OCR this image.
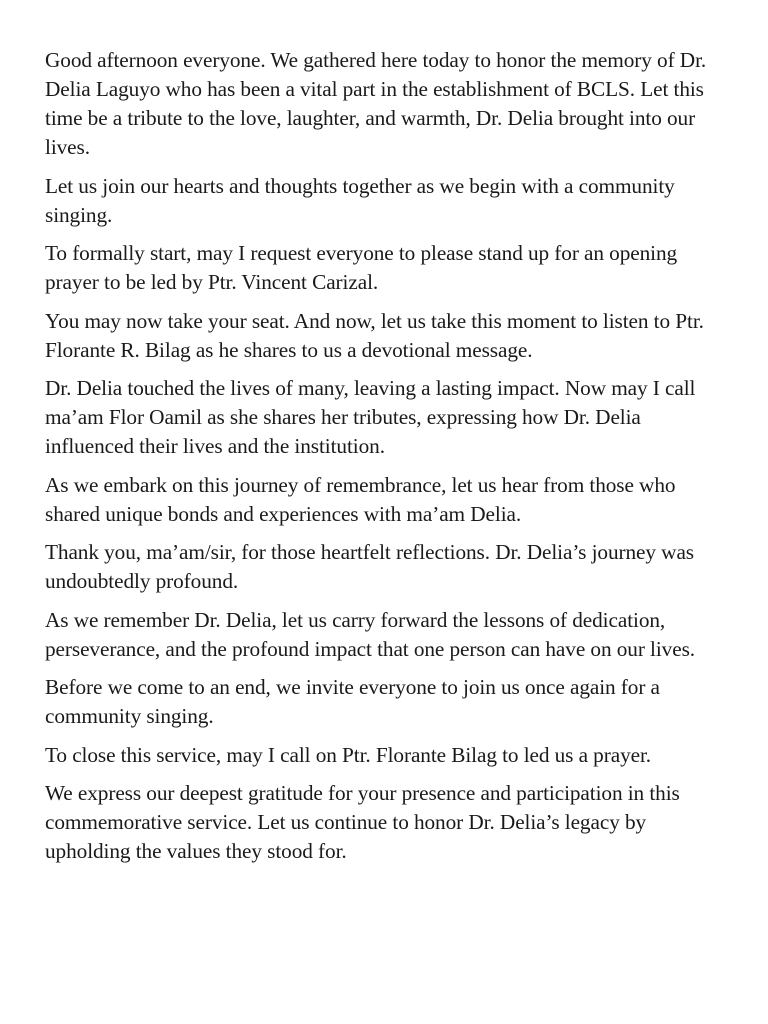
Good afternoon everyone. We gathered here today to honor the memory of Dr. Delia Laguyo who has been a vital part in the establishment of BCLS. Let this time be a tribute to the love, laughter, and warmth, Dr. Delia brought into our lives.

Let us join our hearts and thoughts together as we begin with a community singing.

To formally start, may I request everyone to please stand up for an opening prayer to be led by Ptr. Vincent Carizal.

You may now take your seat. And now, let us take this moment to listen to Ptr. Florante R. Bilag as he shares to us a devotional message.

Dr. Delia touched the lives of many, leaving a lasting impact. Now may I call ma’am Flor Oamil as she shares her tributes, expressing how Dr. Delia influenced their lives and the institution.

As we embark on this journey of remembrance, let us hear from those who shared unique bonds and experiences with ma’am Delia.

Thank you, ma’am/sir, for those heartfelt reflections. Dr. Delia’s journey was undoubtedly profound.

As we remember Dr. Delia, let us carry forward the lessons of dedication, perseverance, and the profound impact that one person can have on our lives.

Before we come to an end, we invite everyone to join us once again for a community singing.

To close this service, may I call on Ptr. Florante Bilag to led us a prayer.

We express our deepest gratitude for your presence and participation in this commemorative service. Let us continue to honor Dr. Delia’s legacy by upholding the values they stood for.
